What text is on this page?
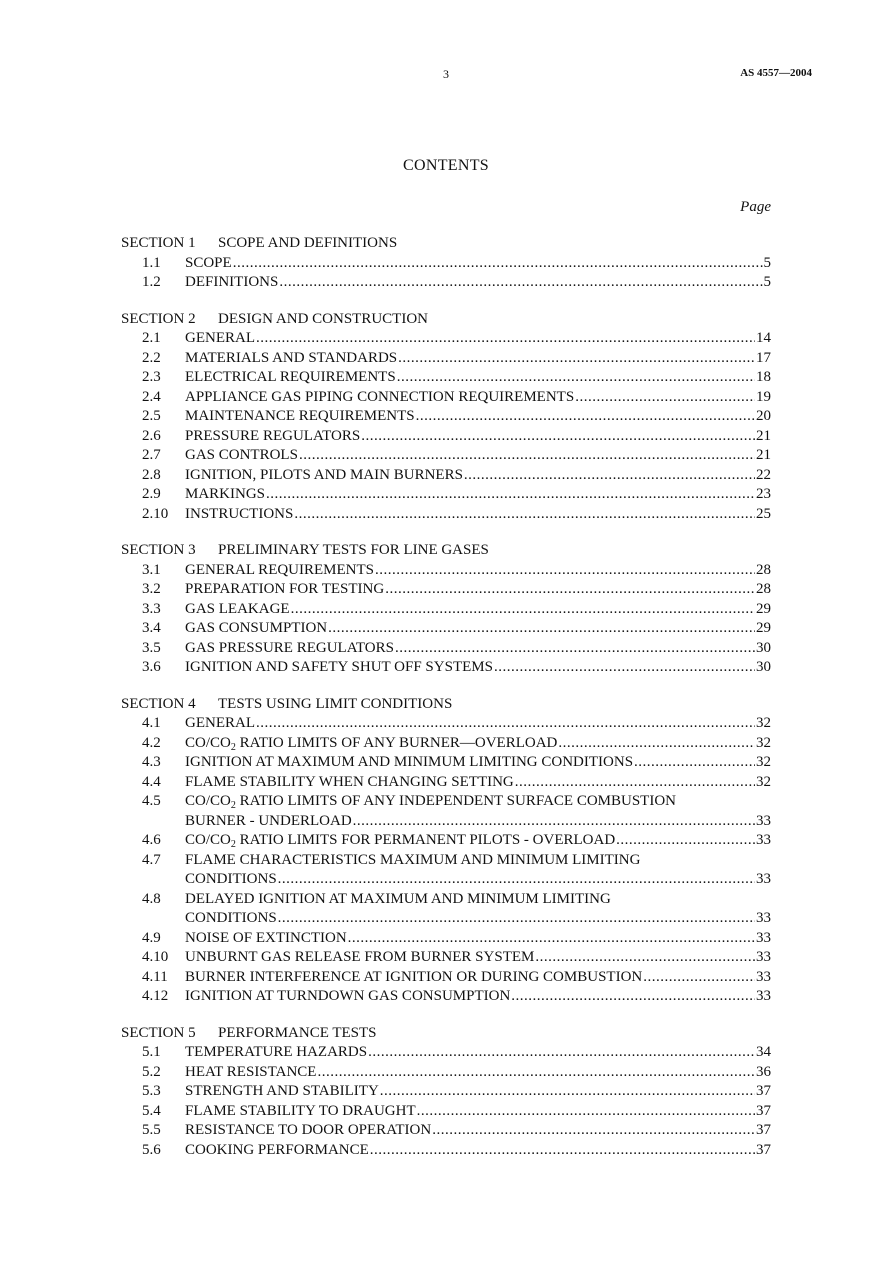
3	AS 4557—2004
CONTENTS
Page
SECTION 1 SCOPE AND DEFINITIONS
1.1	SCOPE .....	5
1.2	DEFINITIONS .....	5
SECTION 2 DESIGN AND CONSTRUCTION
2.1	GENERAL .....	14
2.2	MATERIALS AND STANDARDS .....	17
2.3	ELECTRICAL REQUIREMENTS .....	18
2.4	APPLIANCE GAS PIPING CONNECTION REQUIREMENTS .....	19
2.5	MAINTENANCE REQUIREMENTS .....	20
2.6	PRESSURE REGULATORS .....	21
2.7	GAS CONTROLS .....	21
2.8	IGNITION, PILOTS AND MAIN BURNERS .....	22
2.9	MARKINGS .....	23
2.10	INSTRUCTIONS .....	25
SECTION 3 PRELIMINARY TESTS FOR LINE GASES
3.1	GENERAL REQUIREMENTS .....	28
3.2	PREPARATION FOR TESTING .....	28
3.3	GAS LEAKAGE .....	29
3.4	GAS CONSUMPTION .....	29
3.5	GAS PRESSURE REGULATORS .....	30
3.6	IGNITION AND SAFETY SHUT OFF SYSTEMS .....	30
SECTION 4 TESTS USING LIMIT CONDITIONS
4.1	GENERAL .....	32
4.2	$CO/CO_2$ RATIO LIMITS OF ANY BURNER—OVERLOAD .....	32
4.3	IGNITION AT MAXIMUM AND MINIMUM LIMITING CONDITIONS .....	32
4.4	FLAME STABILITY WHEN CHANGING SETTING .....	32
4.5	$CO/CO_2$ RATIO LIMITS OF ANY INDEPENDENT SURFACE COMBUSTION
BURNER - UNDERLOAD .....	33
4.6	$CO/CO_2$ RATIO LIMITS FOR PERMANENT PILOTS - OVERLOAD .....	33
4.7	FLAME CHARACTERISTICS MAXIMUM AND MINIMUM LIMITING
CONDITIONS .....	33
4.8	DELAYED IGNITION AT MAXIMUM AND MINIMUM LIMITING
CONDITIONS .....	33
4.9	NOISE OF EXTINCTION .....	33
4.10	UNBURNT GAS RELEASE FROM BURNER SYSTEM .....	33
4.11	BURNER INTERFERENCE AT IGNITION OR DURING COMBUSTION .....	33
4.12	IGNITION AT TURNDOWN GAS CONSUMPTION .....	33
SECTION 5 PERFORMANCE TESTS
5.1	TEMPERATURE HAZARDS .....	34
5.2	HEAT RESISTANCE .....	36
5.3	STRENGTH AND STABILITY .....	37
5.4	FLAME STABILITY TO DRAUGHT .....	37
5.5	RESISTANCE TO DOOR OPERATION .....	37
5.6	COOKING PERFORMANCE .....	37
